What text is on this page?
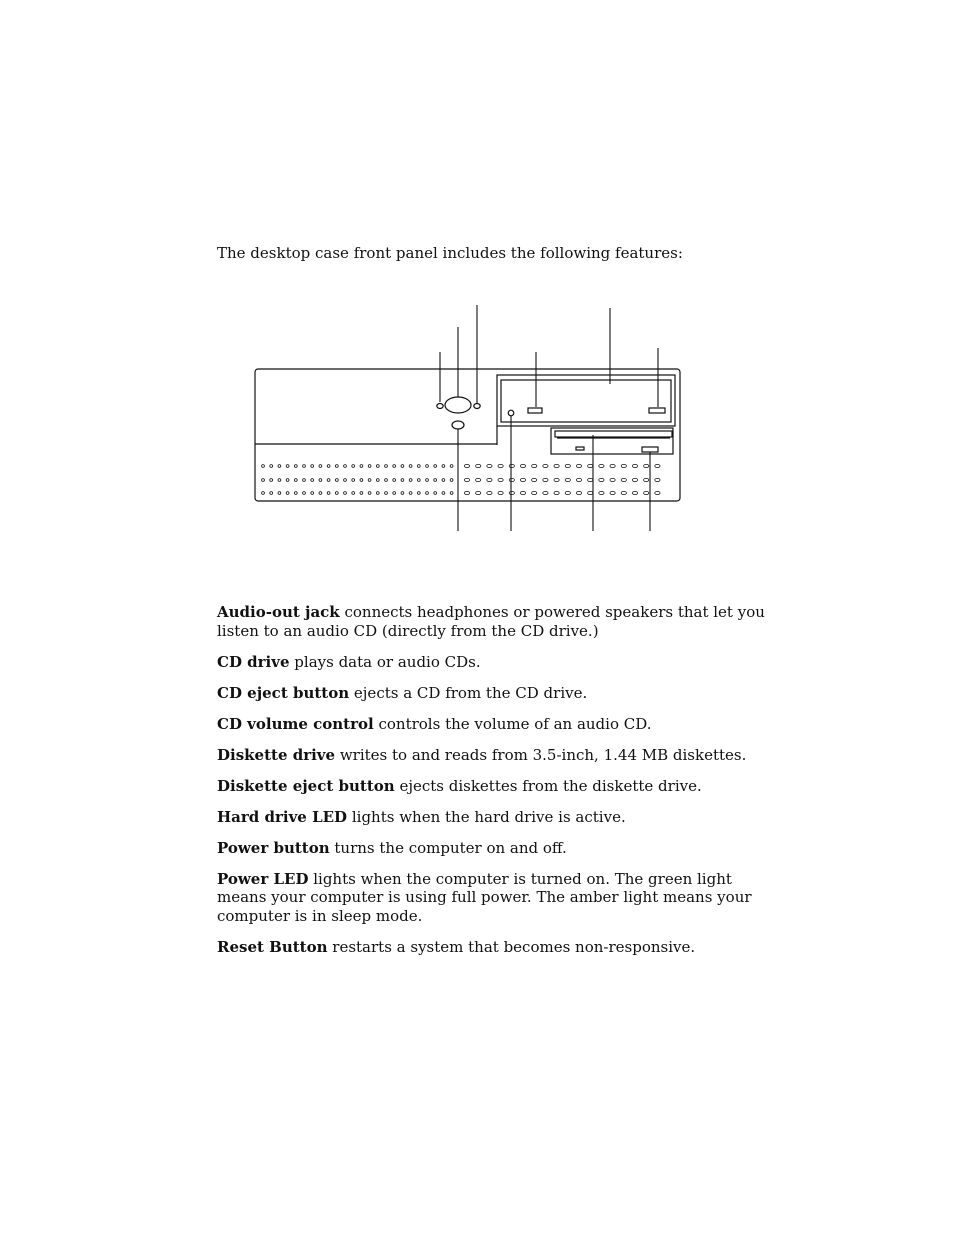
The desktop case front panel includes the following features:

Audio-out jack connects headphones or powered speakers that let you listen to an audio CD (directly from the CD drive.)
CD drive plays data or audio CDs.
CD eject button ejects a CD from the CD drive.
CD volume control controls the volume of an audio CD.
Diskette drive writes to and reads from 3.5-inch, 1.44 MB diskettes.
Diskette eject button ejects diskettes from the diskette drive.
Hard drive LED lights when the hard drive is active.
Power button turns the computer on and off.
Power LED lights when the computer is turned on. The green light means your computer is using full power. The amber light means your computer is in sleep mode.
Reset Button restarts a system that becomes non-responsive.
